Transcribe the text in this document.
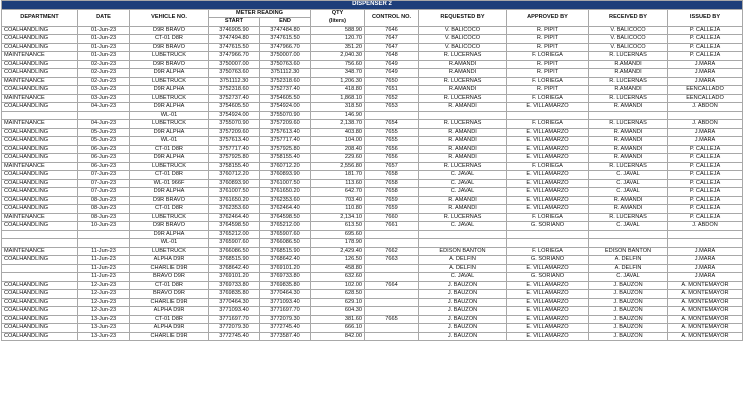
DISPENSER 2										
DEPARTMENT	DATE	VEHICLE NO.	METER READING		QTY
(liters)	CONTROL NO.	REQUESTED BY	APPROVED BY	RECEIVED BY	ISSUED BY
			START	END						
COALHANDLING	01-Jun-23	D9R BRAVO	3746905.90	3747484.80	588.90	7646	V. BALICOCO	R. PIPIT	V. BALICOCO	P. CALLEJA
COALHANDLING	01-Jun-23	CT-01 D8R	3747494.80	3747615.50	120.70	7647	V. BALICOCO	R. PIPIT	V. BALICOCO	P. CALLEJA
COALHANDLING	01-Jun-23	D9R BRAVO	3747615.50	3747966.70	351.20	7647	V. BALICOCO	R. PIPIT	V. BALICOCO	P. CALLEJA
MAINTENANCE	01-Jun-23	LUBETRUCK	3747966.70	3750007.00	2,040.30	7648	R. LUCERNAS	F. LORIEGA	R. LUCERNAS	P. CALLEJA
COALHANDLING	02-Jun-23	D9R BRAVO	3750007.00	3750763.60	756.60	7649	R.AMANDI	R. PIPIT	R.AMANDI	J.MARA
COALHANDLING	02-Jun-23	D9R ALPHA	3750763.60	3751112.30	348.70	7649	R.AMANDI	R. PIPIT	R.AMANDI	J.MARA
MAINTENANCE	02-Jun-23	LUBETRUCK	3751112.30	3752318.60	1,206.30	7650	R. LUCERNAS	F. LORIEGA	R. LUCERNAS	J.MARA
COALHANDLING	03-Jun-23	D9R ALPHA	3752318.60	3752737.40	418.80	7651	R.AMANDI	R. PIPIT	R.AMANDI	EENCALLADO
MAINTENANCE	03-Jun-23	LUBETRUCK	3752737.40	3754605.50	1,868.10	7652	R. LUCERNAS	F. LORIEGA	R. LUCERNAS	EENCALLADO
COALHANDLING	04-Jun-23	D9R ALPHA	3754605.50	3754924.00	318.50	7653	R. AMANDI	E. VILLAMARZO	R. AMANDI	J. ABDON
		WL-01	3754924.00	3755070.90	146.90					
MAINTENANCE	04-Jun-23	LUBETRUCK	3755070.90	3757209.60	2,138.70	7654	R. LUCERNAS	F. LORIEGA	R. LUCERNAS	J. ABDON
COALHANDLING	05-Jun-23	D9R ALPHA	3757209.60	3757613.40	403.80	7655	R. AMANDI	E. VILLAMARZO	R. AMANDI	J.MARA
COALHANDLING	05-Jun-23	WL-01	3757613.40	3757717.40	104.00	7655	R. AMANDI	E. VILLAMARZO	R. AMANDI	J.MARA
COALHANDLING	06-Jun-23	CT-01 D8R	3757717.40	3757925.80	208.40	7656	R. AMANDI	E. VILLAMARZO	R. AMANDI	P. CALLEJA
COALHANDLING	06-Jun-23	D9R ALPHA	3757925.80	3758155.40	229.60	7656	R. AMANDI	E. VILLAMARZO	R. AMANDI	P. CALLEJA
MAINTENANCE	06-Jun-23	LUBETRUCK	3758155.40	3760712.20	2,556.80	7657	R. LUCERNAS	F. LORIEGA	R. LUCERNAS	P. CALLEJA
COALHANDLING	07-Jun-23	CT-01 D8R	3760712.20	3760893.90	181.70	7658	C. JAVAL	E. VILLAMARZO	C. JAVAL	P. CALLEJA
COALHANDLING	07-Jun-23	WL-01 966F	3760893.90	3761007.50	113.60	7658	C. JAVAL	E. VILLAMARZO	C. JAVAL	P. CALLEJA
COALHANDLING	07-Jun-23	D9R ALPHA	3761007.50	3761650.20	642.70	7658	C. JAVAL	E. VILLAMARZO	C. JAVAL	P. CALLEJA
COALHANDLING	08-Jun-23	D9R BRAVO	3761650.20	3762353.60	703.40	7659	R. AMANDI	E. VILLAMARZO	R. AMANDI	P. CALLEJA
COALHANDLING	08-Jun-23	CT-01 D8R	3762353.60	3762464.40	110.80	7659	R. AMANDI	E. VILLAMARZO	R. AMANDI	P. CALLEJA
MAINTENANCE	08-Jun-23	LUBETRUCK	3762464.40	3764598.50	2,134.10	7660	R. LUCERNAS	F. LORIEGA	R. LUCERNAS	P. CALLEJA
COALHANDLING	10-Jun-23	D9R BRAVO	3764598.50	3765212.00	613.50	7661	C. JAVAL	G. SORIANO	C. JAVAL	J. ABDON
		D9R ALPHA	3765212.00	3765907.60	695.60					
		WL-01	3765907.60	3766086.50	178.90					
MAINTENANCE	11-Jun-23	LUBETRUCK	3766086.50	3768515.90	2,429.40	7662	EDISON BANTON	F. LORIEGA	EDISON BANTON	J.MARA
COALHANDLING	11-Jun-23	ALPHA D9R	3768515.90	3768642.40	126.50	7663	A. DELFIN	G. SORIANO	A. DELFIN	J.MARA
	11-Jun-23	CHARLIE D9R	3768642.40	3769101.20	458.80		A. DELFIN	E. VILLAMARZO	A. DELFIN	J.MARA
	11-Jun-23	BRAVO D9R	3769101.20	3769733.80	632.60		C. JAVAL	G. SORIANO	C. JAVAL	J.MARA
COALHANDLING	12-Jun-23	CT-01 D8R	3769733.80	3769835.80	102.00	7664	J. BAUZON	E. VILLAMARZO	J. BAUZON	A. MONTEMAYOR
COALHANDLING	12-Jun-23	BRAVO D9R	3769835.80	3770464.30	628.50		J. BAUZON	E. VILLAMARZO	J. BAUZON	A. MONTEMAYOR
COALHANDLING	12-Jun-23	CHARLIE D9R	3770464.30	3771093.40	629.10		J. BAUZON	E. VILLAMARZO	J. BAUZON	A. MONTEMAYOR
COALHANDLING	12-Jun-23	ALPHA D9R	3771093.40	3771697.70	604.30		J. BAUZON	E. VILLAMARZO	J. BAUZON	A. MONTEMAYOR
COALHANDLING	13-Jun-23	CT-01 D8R	3771697.70	3772079.30	381.60	7665	J. BAUZON	E. VILLAMARZO	J. BAUZON	A. MONTEMAYOR
COALHANDLING	13-Jun-23	ALPHA D9R	3772079.30	3772745.40	666.10		J. BAUZON	E. VILLAMARZO	J. BAUZON	A. MONTEMAYOR
COALHANDLING	13-Jun-23	CHARLIE D9R	3772745.40	3773587.40	842.00		J. BAUZON	E. VILLAMARZO	J. BAUZON	A. MONTEMAYOR
